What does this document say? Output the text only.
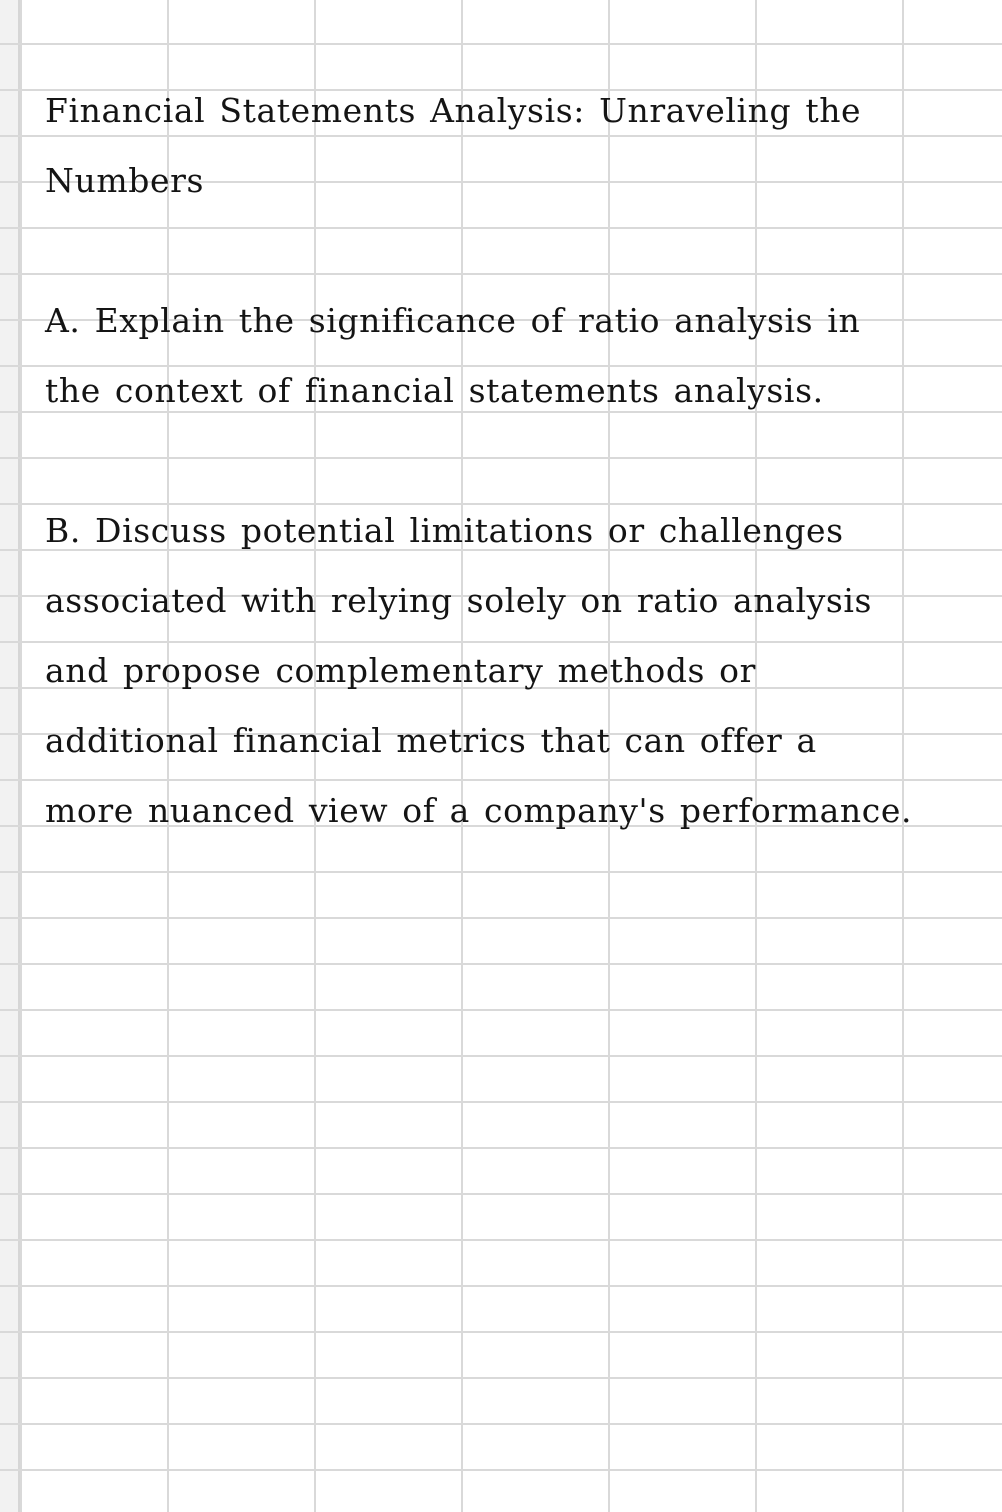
Financial Statements Analysis: Unraveling the Numbers

A. Explain the significance of ratio analysis in the context of financial statements analysis.

B. Discuss potential limitations or challenges associated with relying solely on ratio analysis and propose complementary methods or additional financial metrics that can offer a more nuanced view of a company's performance.
